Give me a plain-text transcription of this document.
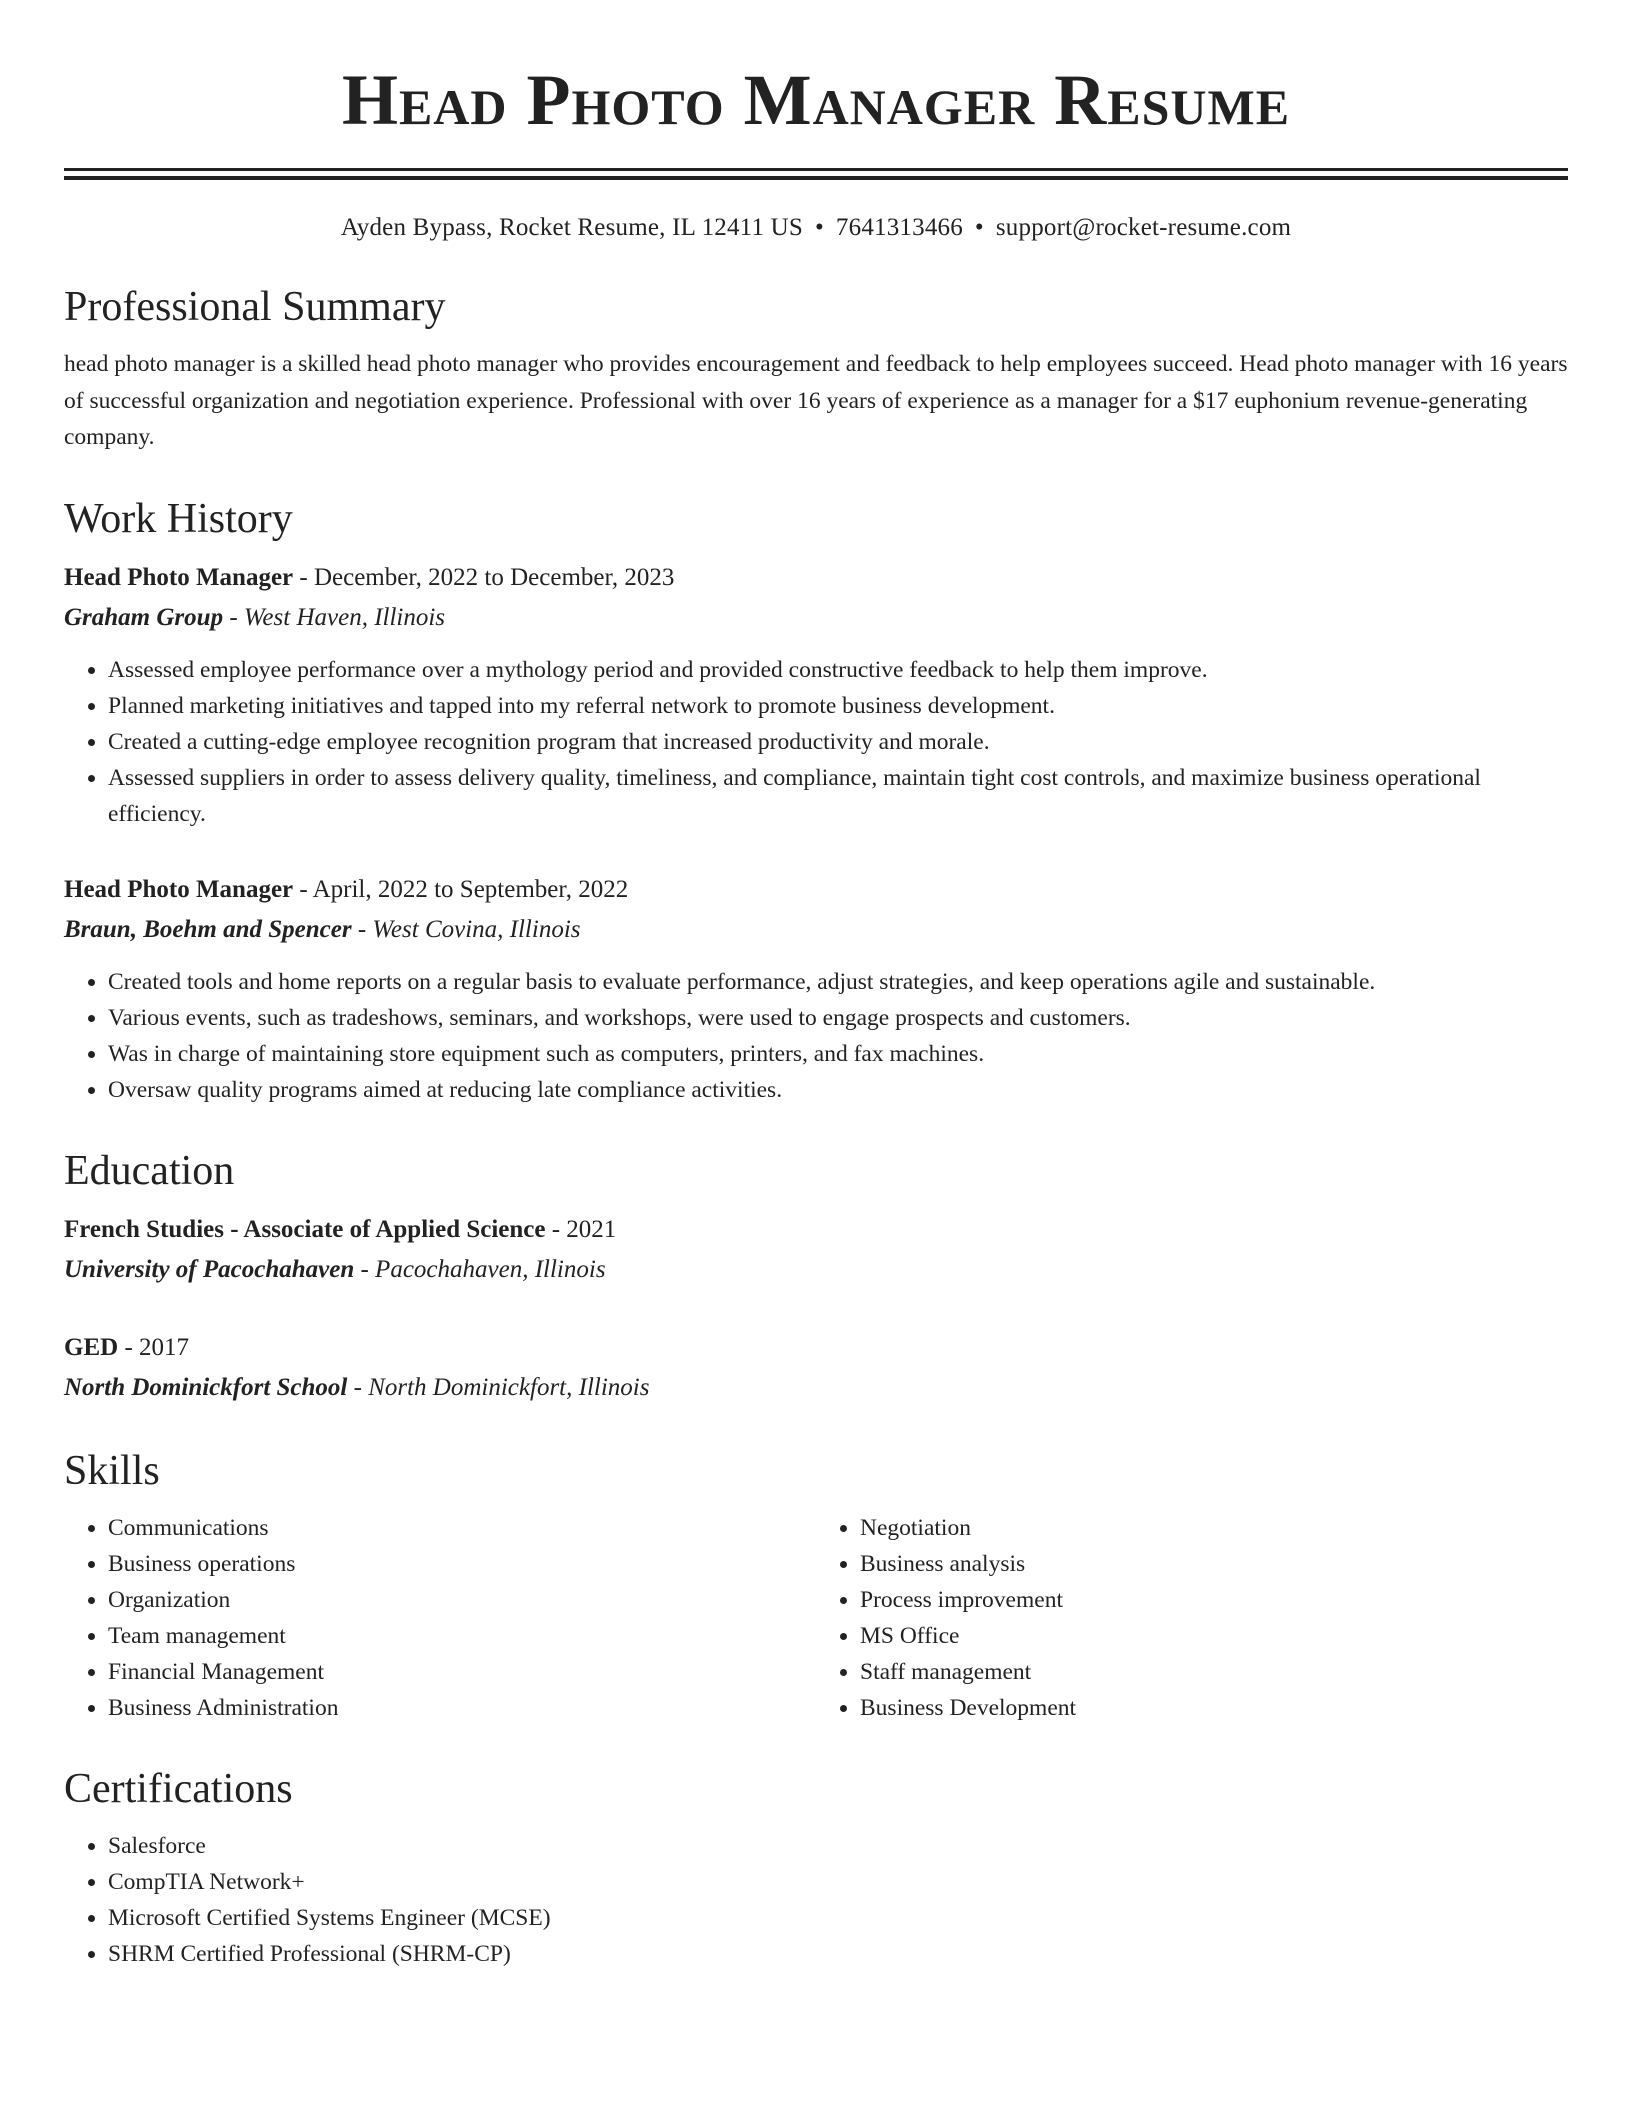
Head Photo Manager Resume
Ayden Bypass, Rocket Resume, IL 12411 US • 7641313466 • support@rocket-resume.com
Professional Summary

head photo manager is a skilled head photo manager who provides encouragement and feedback to help employees succeed. Head photo manager with 16 years of successful organization and negotiation experience. Professional with over 16 years of experience as a manager for a $17 euphonium revenue-generating company.

Work History
Head Photo Manager - December, 2022 to December, 2023
Graham Group - West Haven, Illinois
• Assessed employee performance over a mythology period and provided constructive feedback to help them improve.
• Planned marketing initiatives and tapped into my referral network to promote business development.
• Created a cutting-edge employee recognition program that increased productivity and morale.
• Assessed suppliers in order to assess delivery quality, timeliness, and compliance, maintain tight cost controls, and maximize business operational efficiency.
Head Photo Manager - April, 2022 to September, 2022
Braun, Boehm and Spencer - West Covina, Illinois
• Created tools and home reports on a regular basis to evaluate performance, adjust strategies, and keep operations agile and sustainable.
• Various events, such as tradeshows, seminars, and workshops, were used to engage prospects and customers.
• Was in charge of maintaining store equipment such as computers, printers, and fax machines.
• Oversaw quality programs aimed at reducing late compliance activities.
Education
French Studies - Associate of Applied Science - 2021
University of Pacochahaven - Pacochahaven, Illinois
GED - 2017
North Dominickfort School - North Dominickfort, Illinois
Skills
• Communications
• Business operations
• Organization
• Team management
• Financial Management
• Business Administration
• Negotiation
• Business analysis
• Process improvement
• MS Office
• Staff management
• Business Development
Certifications
• Salesforce
• CompTIA Network+
• Microsoft Certified Systems Engineer (MCSE)
• SHRM Certified Professional (SHRM-CP)
